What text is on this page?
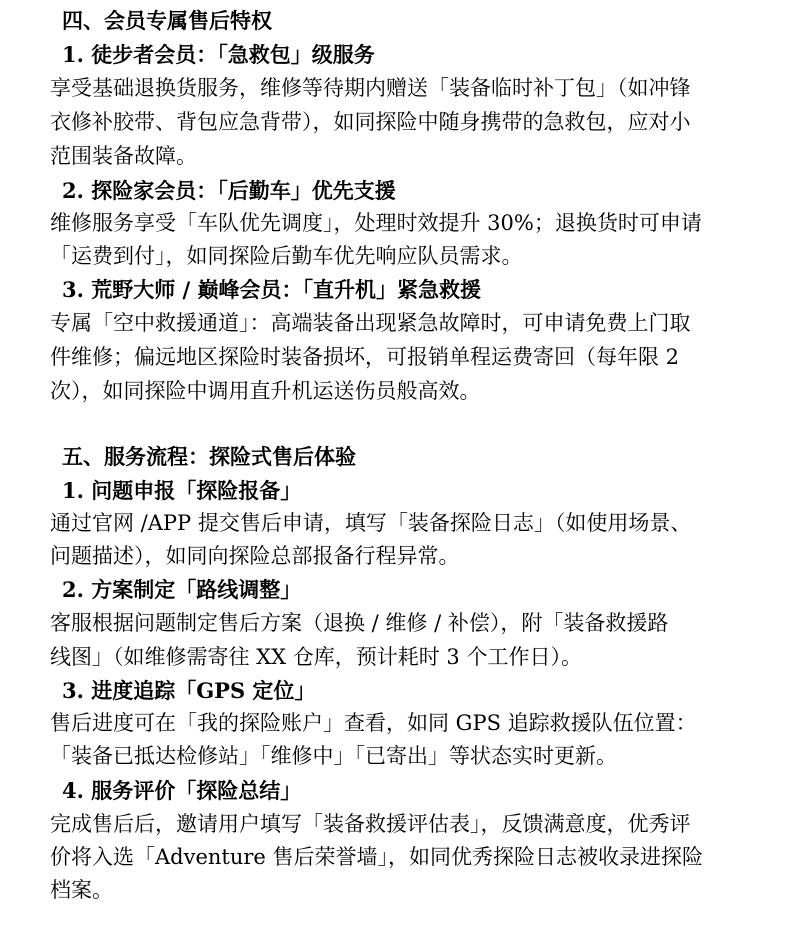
四、会员专属售后特权
1. 徒步者会员：「急救包」级服务
享受基础退换货服务，维修等待期内赠送「装备临时补丁包」（如冲锋
衣修补胶带、背包应急背带），如同探险中随身携带的急救包，应对小
范围装备故障。
2. 探险家会员：「后勤车」优先支援
维修服务享受「车队优先调度」，处理时效提升 30%；退换货时可申请
「运费到付」，如同探险后勤车优先响应队员需求。
3. 荒野大师 / 巅峰会员：「直升机」紧急救援
专属「空中救援通道」：高端装备出现紧急故障时，可申请免费上门取
件维修；偏远地区探险时装备损坏，可报销单程运费寄回（每年限 2
次），如同探险中调用直升机运送伤员般高效。
五、服务流程：探险式售后体验
1. 问题申报「探险报备」
通过官网 /APP 提交售后申请，填写「装备探险日志」（如使用场景、
问题描述），如同向探险总部报备行程异常。
2. 方案制定「路线调整」
客服根据问题制定售后方案（退换 / 维修 / 补偿），附「装备救援路
线图」（如维修需寄往 XX 仓库，预计耗时 3 个工作日）。
3. 进度追踪「GPS 定位」
售后进度可在「我的探险账户」查看，如同 GPS 追踪救援队伍位置：
「装备已抵达检修站」「维修中」「已寄出」等状态实时更新。
4. 服务评价「探险总结」
完成售后后，邀请用户填写「装备救援评估表」，反馈满意度，优秀评
价将入选「Adventure 售后荣誉墙」，如同优秀探险日志被收录进探险
档案。
